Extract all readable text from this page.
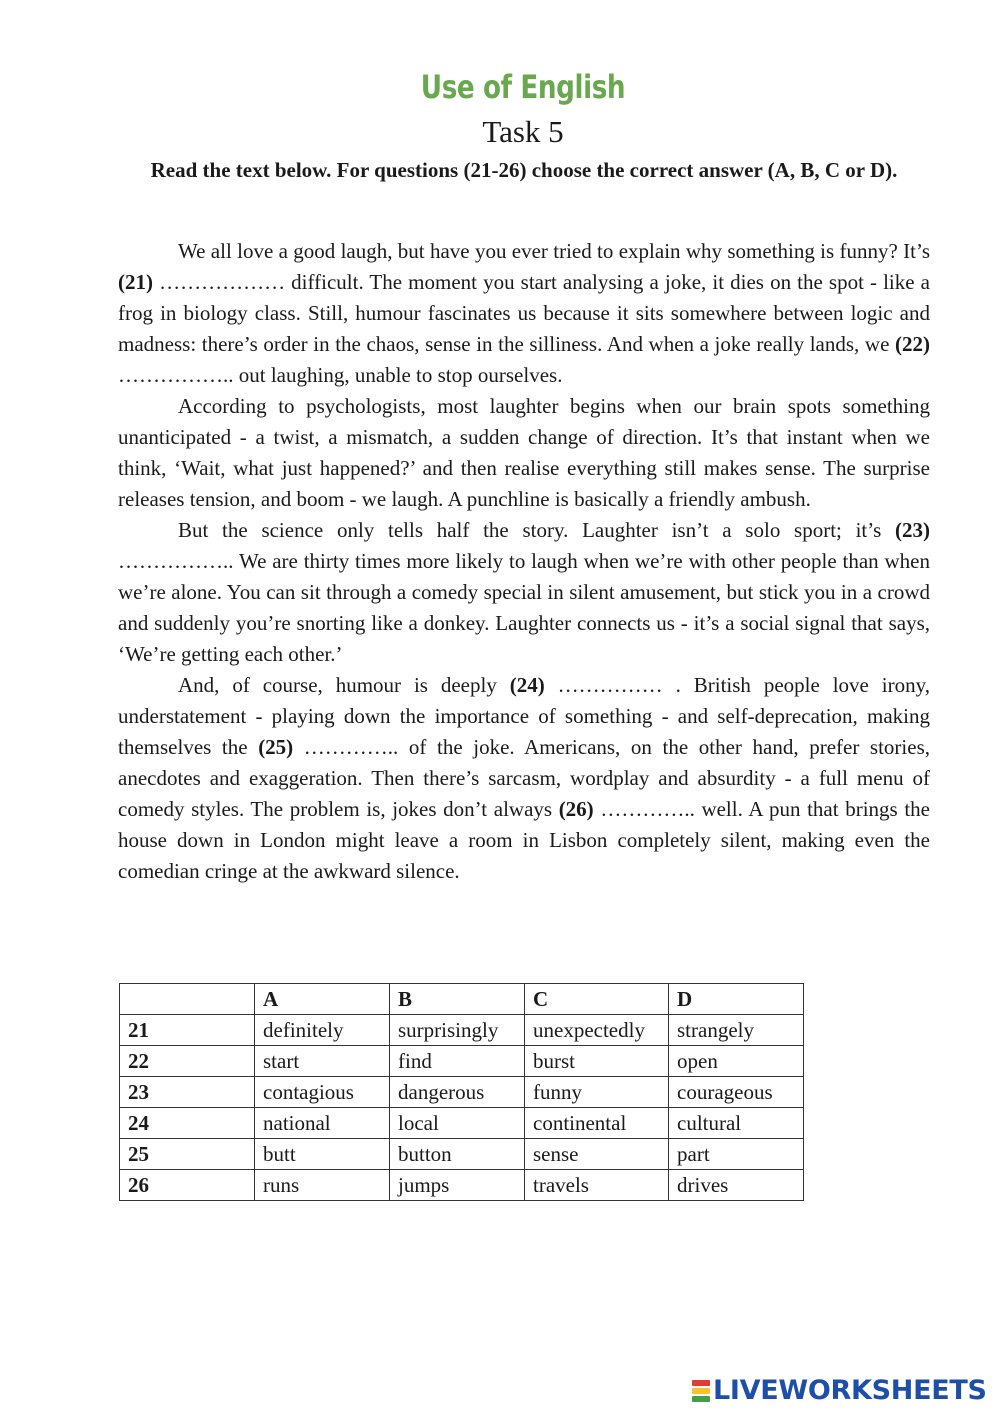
Use of English
Task 5
Read the text below. For questions (21-26) choose the correct answer (A, B, C or D).

We all love a good laugh, but have you ever tried to explain why something is funny? It’s (21) ……………… difficult. The moment you start analysing a joke, it dies on the spot - like a frog in biology class. Still, humour fascinates us because it sits somewhere between logic and madness: there’s order in the chaos, sense in the silliness. And when a joke really lands, we (22) …………….. out laughing, unable to stop ourselves.

According to psychologists, most laughter begins when our brain spots something unanticipated - a twist, a mismatch, a sudden change of direction. It’s that instant when we think, ‘Wait, what just happened?’ and then realise everything still makes sense. The surprise releases tension, and boom - we laugh. A punchline is basically a friendly ambush.

But the science only tells half the story. Laughter isn’t a solo sport; it’s (23) …………….. We are thirty times more likely to laugh when we’re with other people than when we’re alone. You can sit through a comedy special in silent amusement, but stick you in a crowd and suddenly you’re snorting like a donkey. Laughter connects us - it’s a social signal that says, ‘We’re getting each other.’

And, of course, humour is deeply (24) …………… . British people love irony, understatement - playing down the importance of something - and self-deprecation, making themselves the (25) ………….. of the joke. Americans, on the other hand, prefer stories, anecdotes and exaggeration. Then there’s sarcasm, wordplay and absurdity - a full menu of comedy styles. The problem is, jokes don’t always (26) ………….. well. A pun that brings the house down in London might leave a room in Lisbon completely silent, making even the comedian cringe at the awkward silence.

	A	B	C	D
21	definitely	surprisingly	unexpectedly	strangely
22	start	find	burst	open
23	contagious	dangerous	funny	courageous
24	national	local	continental	cultural
25	butt	button	sense	part
26	runs	jumps	travels	drives
LIVEWORKSHEETS
